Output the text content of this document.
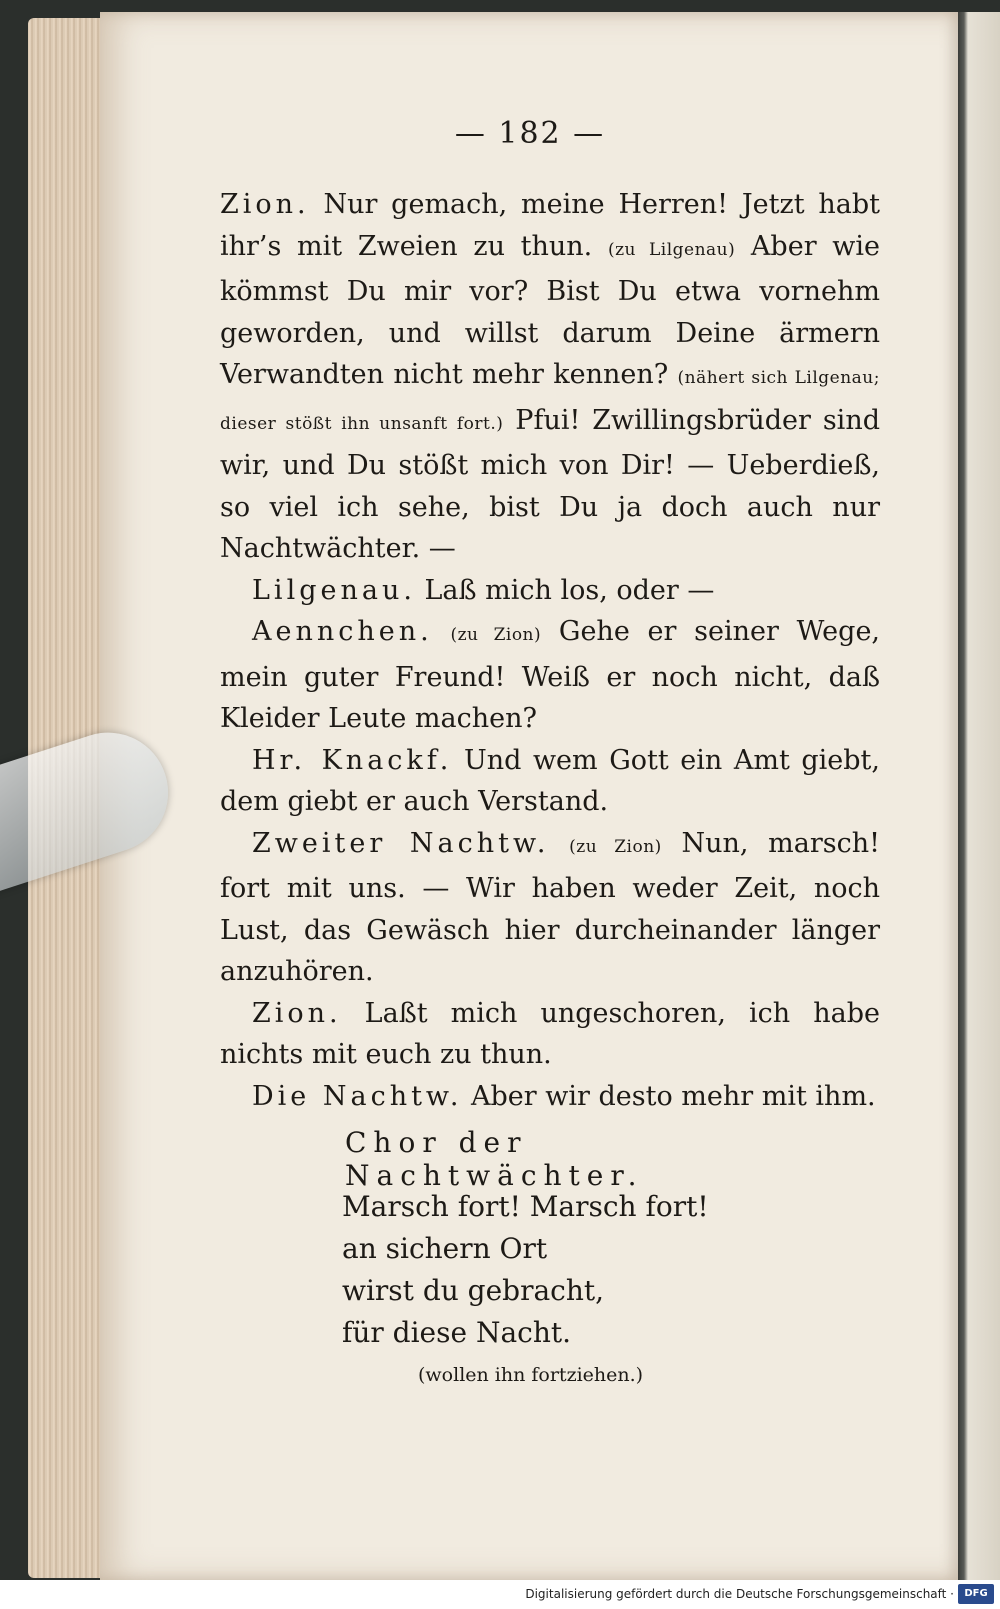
— 182 —

Zion. Nur gemach, meine Herren! Jetzt habt ihr’s mit Zweien zu thun. (zu Lilgenau) Aber wie kömmst Du mir vor? Bist Du etwa vornehm geworden, und willst darum Deine ärmern Verwandten nicht mehr kennen? (nähert sich Lilgenau; dieser stößt ihn unsanft fort.) Pfui! Zwillingsbrüder sind wir, und Du stößt mich von Dir! — Ueberdieß, so viel ich sehe, bist Du ja doch auch nur Nachtwächter. —

Lilgenau. Laß mich los, oder —

Aennchen. (zu Zion) Gehe er seiner Wege, mein guter Freund! Weiß er noch nicht, daß Kleider Leute machen?

Hr. Knackf. Und wem Gott ein Amt giebt, dem giebt er auch Verstand.

Zweiter Nachtw. (zu Zion) Nun, marsch! fort mit uns. — Wir haben weder Zeit, noch Lust, das Gewäsch hier durcheinander länger anzuhören.

Zion. Laßt mich ungeschoren, ich habe nichts mit euch zu thun.

Die Nachtw. Aber wir desto mehr mit ihm.

Chor der Nachtwächter.
Marsch fort! Marsch fort!
an sichern Ort
wirst du gebracht,
für diese Nacht.
(wollen ihn fortziehen.)
Digitalisierung gefördert durch die Deutsche Forschungsgemeinschaft ·	DFG
